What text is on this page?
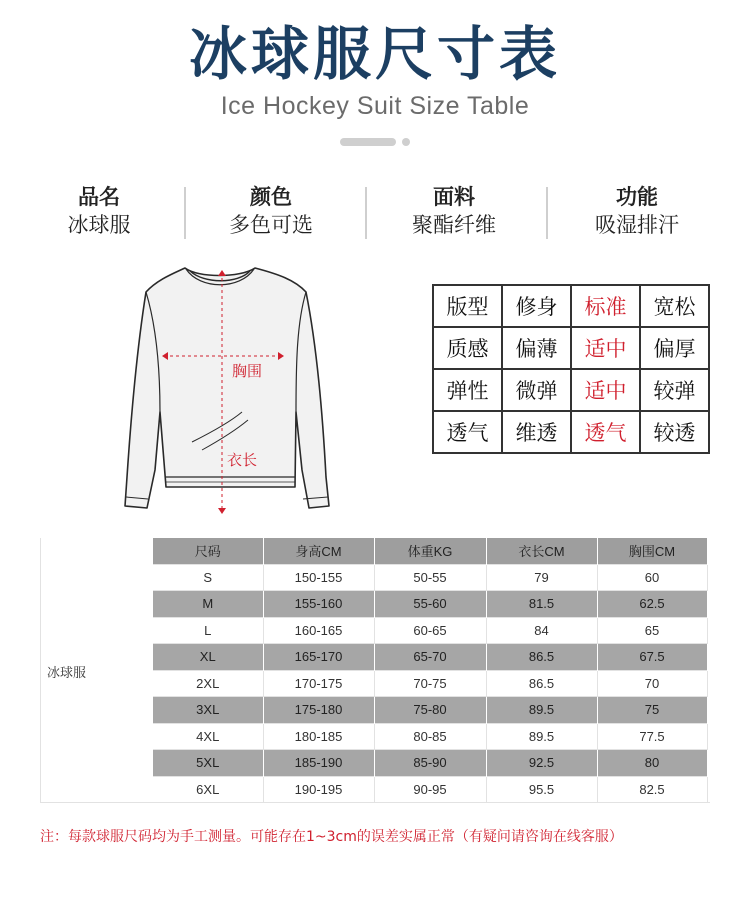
冰球服尺寸表
Ice Hockey Suit Size Table
品名
冰球服
颜色
多色可选
面料
聚酯纤维
功能
吸湿排汗
胸围
衣长
版型	修身	标准	宽松
质感	偏薄	适中	偏厚
弹性	微弹	适中	较弹
透气	维透	透气	较透
冰球服
尺码	身高CM	体重KG	衣长CM	胸围CM
S	150-155	50-55	79	60
M	155-160	55-60	81.5	62.5
L	160-165	60-65	84	65
XL	165-170	65-70	86.5	67.5
2XL	170-175	70-75	86.5	70
3XL	175-180	75-80	89.5	75
4XL	180-185	80-85	89.5	77.5
5XL	185-190	85-90	92.5	80
6XL	190-195	90-95	95.5	82.5
注：每款球服尺码均为手工测量。可能存在1~3cm的误差实属正常（有疑问请咨询在线客服）
